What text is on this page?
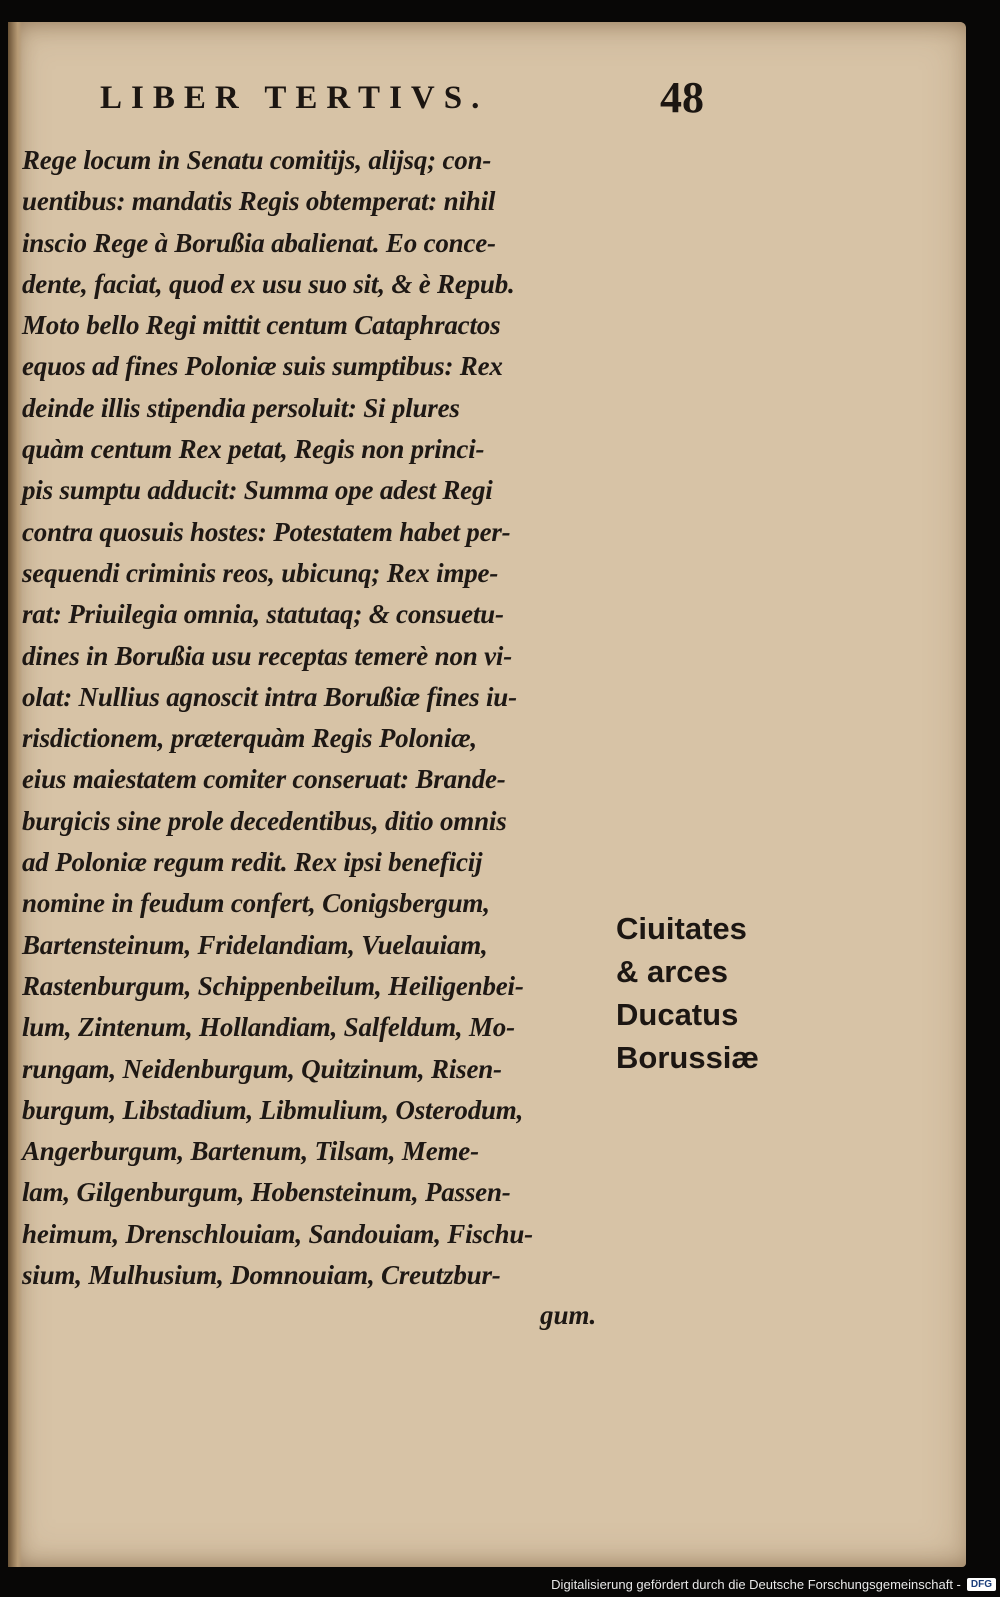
LIBER TERTIVS.	48
Rege locum in Senatu comitijs, alijsq; con-
uentibus: mandatis Regis obtemperat: nihil
inscio Rege à Borußia abalienat. Eo conce-
dente, faciat, quod ex usu suo sit, & è Repub.
Moto bello Regi mittit centum Cataphractos
equos ad fines Poloniæ suis sumptibus: Rex
deinde illis stipendia persoluit: Si plures
quàm centum Rex petat, Regis non princi-
pis sumptu adducit: Summa ope adest Regi
contra quosuis hostes: Potestatem habet per-
sequendi criminis reos, ubicunq; Rex impe-
rat: Priuilegia omnia, statutaq; & consuetu-
dines in Borußia usu receptas temerè non vi-
olat: Nullius agnoscit intra Borußiæ fines iu-
risdictionem, præterquàm Regis Poloniæ,
eius maiestatem comiter conseruat: Brande-
burgicis sine prole decedentibus, ditio omnis
ad Poloniæ regum redit. Rex ipsi beneficij
nomine in feudum confert, Conigsbergum,
Bartensteinum, Fridelandiam, Vuelauiam,
Rastenburgum, Schippenbeilum, Heiligenbei-
lum, Zintenum, Hollandiam, Salfeldum, Mo-
rungam, Neidenburgum, Quitzinum, Risen-
burgum, Libstadium, Libmulium, Osterodum,
Angerburgum, Bartenum, Tilsam, Meme-
lam, Gilgenburgum, Hobensteinum, Passen-
heimum, Drenschlouiam, Sandouiam, Fischu-
sium, Mulhusium, Domnouiam, Creutzbur-
gum.
Ciuitates
& arces
Ducatus
Borussiæ
Digitalisierung gefördert durch die Deutsche Forschungsgemeinschaft -	DFG
